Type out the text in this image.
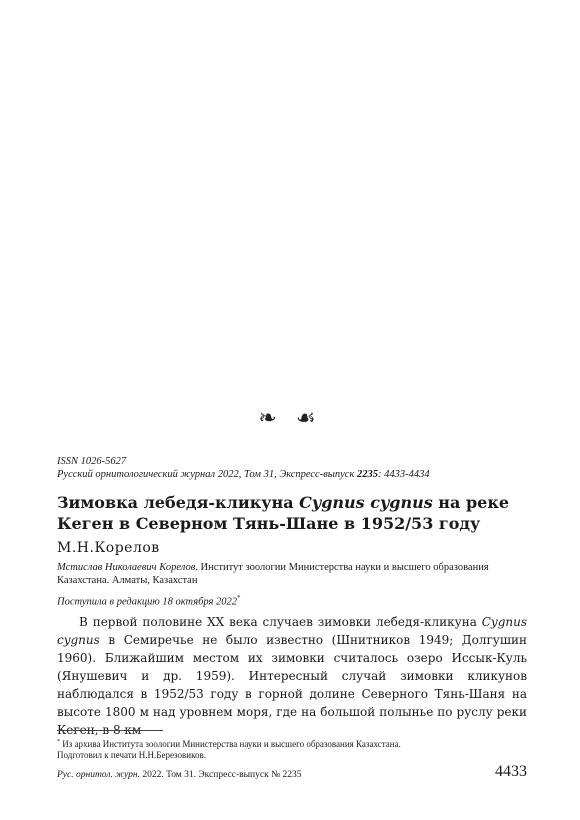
❧ ☙
ISSN 1026-5627
Русский орнитологический журнал 2022, Том 31, Экспресс-выпуск 2235: 4433-4434
Зимовка лебедя-кликуна Cygnus cygnus на реке Кеген в Северном Тянь-Шане в 1952/53 году
М.Н.Корелов
Мстислав Николаевич Корелов. Институт зоологии Министерства науки и высшего образования Казахстана. Алматы, Казахстан
Поступила в редакцию 18 октября 2022*

В первой половине XX века случаев зимовки лебедя-кликуна Cygnus cygnus в Семиречье не было известно (Шнитников 1949; Долгушин 1960). Ближайшим местом их зимовки считалось озеро Иссык-Куль (Янушевич и др. 1959). Интересный случай зимовки кликунов наблюдался в 1952/53 году в горной долине Северного Тянь-Шаня на высоте 1800 м над уровнем моря, где на большой полынье по руслу реки Кеген, в 8 км

* Из архива Института зоологии Министерства науки и высшего образования Казахстана.
Подготовил к печати Н.Н.Березовиков.
Рус. орнитол. журн. 2022. Том 31. Экспресс-выпуск № 2235	4433
